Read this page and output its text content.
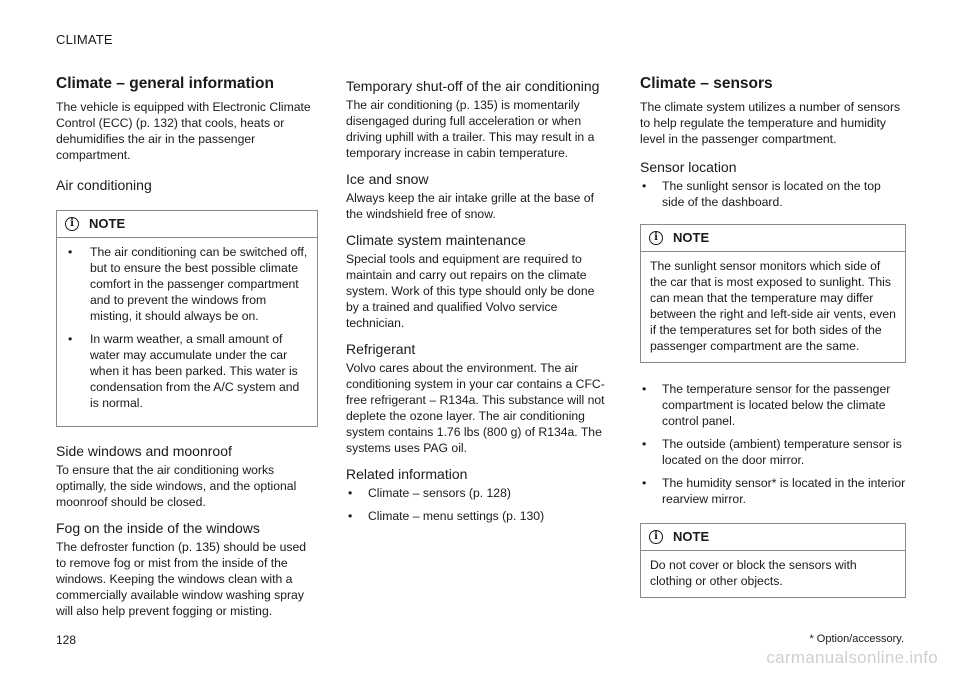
CLIMATE
Climate – general information

The vehicle is equipped with Electronic Climate Control (ECC) (p. 132) that cools, heats or dehumidifies the air in the passenger compartment.

Air conditioning
i	NOTE
• The air conditioning can be switched off, but to ensure the best possible climate comfort in the passenger compartment and to prevent the windows from misting, it should always be on.
• In warm weather, a small amount of water may accumulate under the car when it has been parked. This water is condensation from the A/C system and is normal.
Side windows and moonroof

To ensure that the air conditioning works optimally, the side windows, and the optional moonroof should be closed.

Fog on the inside of the windows

The defroster function (p. 135) should be used to remove fog or mist from the inside of the windows. Keeping the windows clean with a commercially available window washing spray will also help prevent fogging or misting.

Temporary shut-off of the air conditioning

The air conditioning (p. 135) is momentarily disengaged during full acceleration or when driving uphill with a trailer. This may result in a temporary increase in cabin temperature.

Ice and snow

Always keep the air intake grille at the base of the windshield free of snow.

Climate system maintenance

Special tools and equipment are required to maintain and carry out repairs on the climate system. Work of this type should only be done by a trained and qualified Volvo service technician.

Refrigerant

Volvo cares about the environment. The air conditioning system in your car contains a CFC-free refrigerant – R134a. This substance will not deplete the ozone layer. The air conditioning system contains 1.76 lbs (800 g) of R134a. The systems uses PAG oil.

Related information
• Climate – sensors (p. 128)
• Climate – menu settings (p. 130)
Climate – sensors

The climate system utilizes a number of sensors to help regulate the temperature and humidity level in the passenger compartment.

Sensor location
• The sunlight sensor is located on the top side of the dashboard.
i	NOTE

The sunlight sensor monitors which side of the car that is most exposed to sunlight. This can mean that the temperature may differ between the right and left-side air vents, even if the temperatures set for both sides of the passenger compartment are the same.

• The temperature sensor for the passenger compartment is located below the climate control panel.
• The outside (ambient) temperature sensor is located on the door mirror.
• The humidity sensor* is located in the interior rearview mirror.
i	NOTE

Do not cover or block the sensors with clothing or other objects.

* Option/accessory.
128
carmanualsonline.info
